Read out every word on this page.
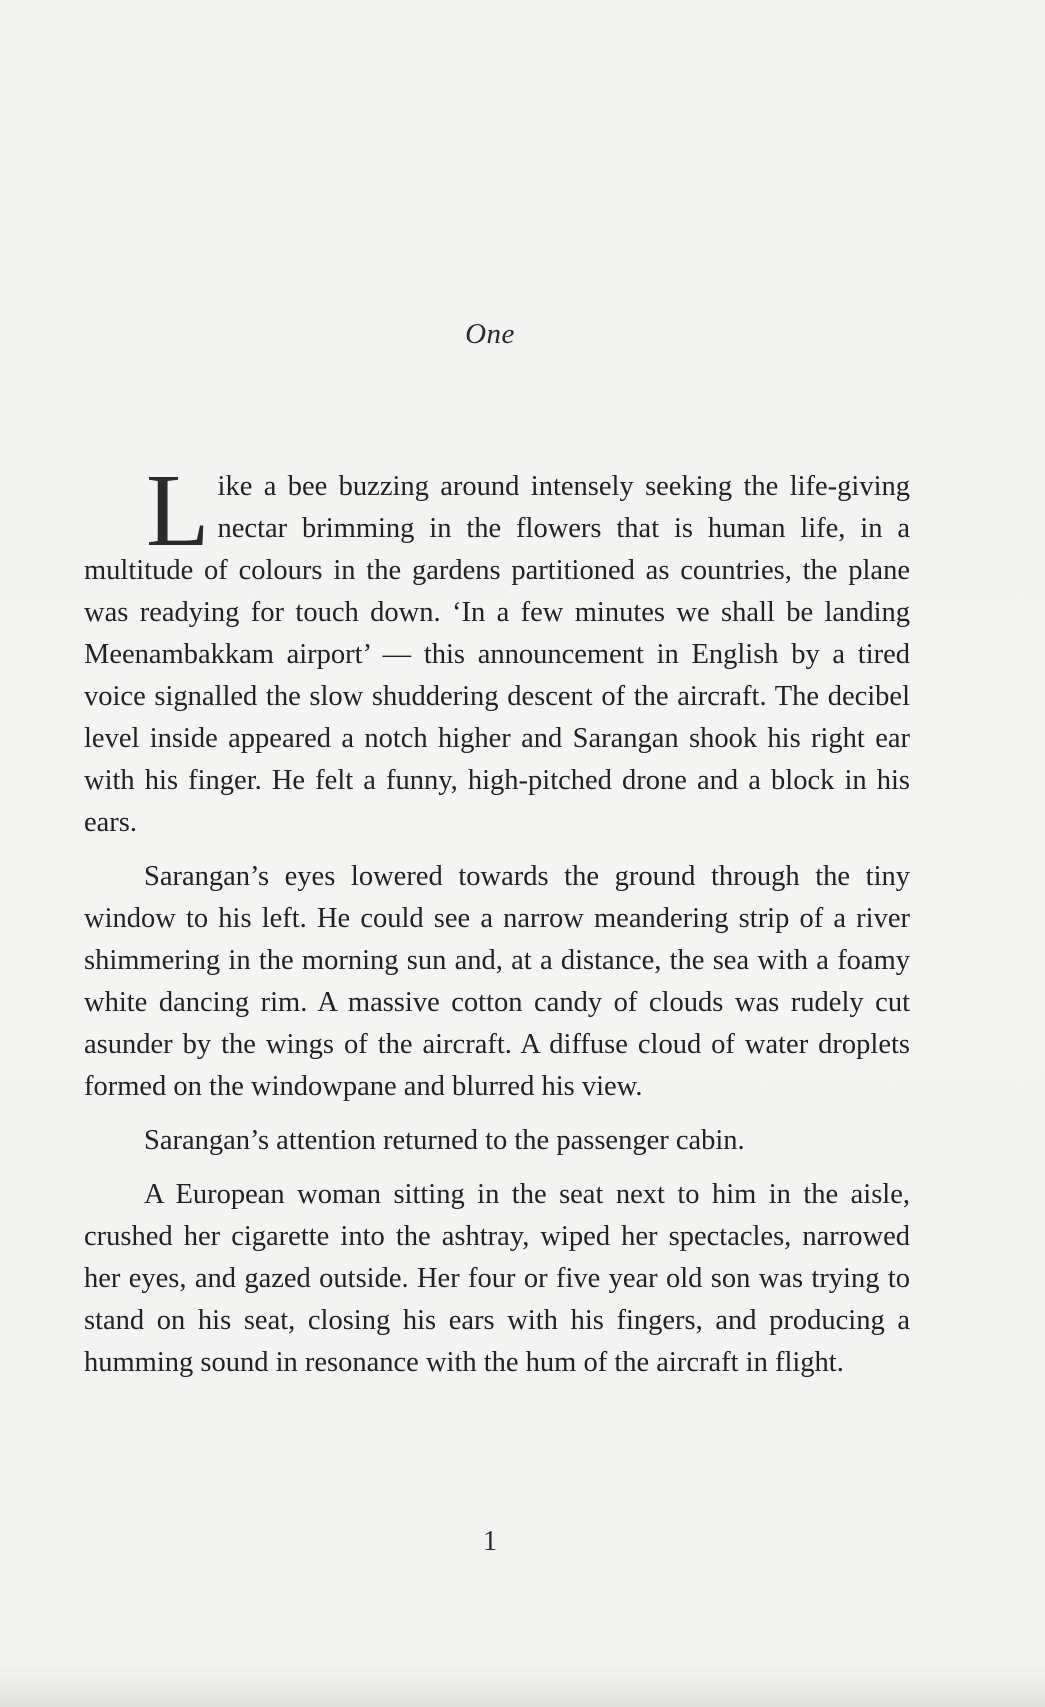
One

Like a bee buzzing around intensely seeking the life-giving nectar brimming in the flowers that is human life, in a multitude of colours in the gardens partitioned as countries, the plane was readying for touch down. ‘In a few minutes we shall be landing Meenambakkam airport’ — this announcement in English by a tired voice signalled the slow shuddering descent of the aircraft. The decibel level inside appeared a notch higher and Sarangan shook his right ear with his finger. He felt a funny, high-pitched drone and a block in his ears.

Sarangan’s eyes lowered towards the ground through the tiny window to his left. He could see a narrow meandering strip of a river shimmering in the morning sun and, at a distance, the sea with a foamy white dancing rim. A massive cotton candy of clouds was rudely cut asunder by the wings of the aircraft. A diffuse cloud of water droplets formed on the windowpane and blurred his view.

Sarangan’s attention returned to the passenger cabin.

A European woman sitting in the seat next to him in the aisle, crushed her cigarette into the ashtray, wiped her spectacles, narrowed her eyes, and gazed outside. Her four or five year old son was trying to stand on his seat, closing his ears with his fingers, and producing a humming sound in resonance with the hum of the aircraft in flight.

1
